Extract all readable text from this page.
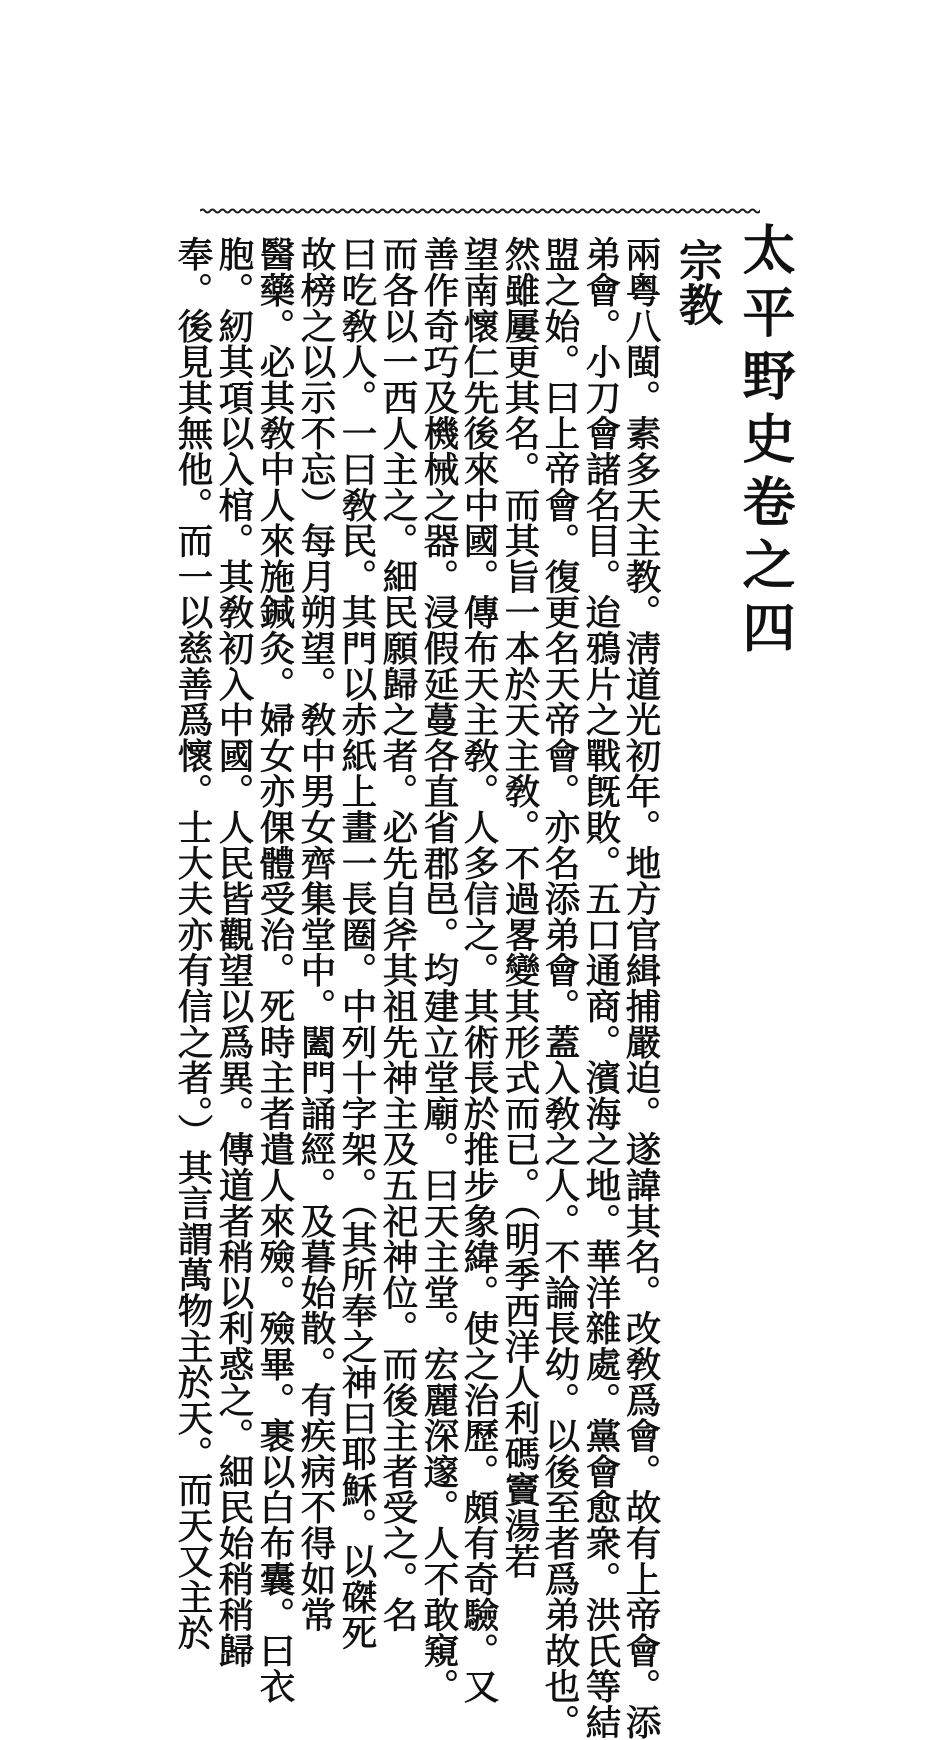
太平野史卷之四
宗教
兩粤八閩。素多天主教。淸道光初年。地方官緝捕嚴迫。遂諱其名。改敎爲會。故有上帝會。添
弟會。小刀會諸名目。迨鴉片之戰旣敗。五口通商。濱海之地。華洋雜處。黨會愈衆。洪氏等結
盟之始。曰上帝會。復更名天帝會。亦名添弟會。蓋入敎之人。不論長幼。以後至者爲弟故也。
然雖屢更其名。而其旨一本於天主敎。不過畧變其形式而已。（明季西洋人利碼竇湯若
望南懷仁先後來中國。傳布天主敎。人多信之。其術長於推步象緯。使之治歷。頗有奇驗。又
善作奇巧及機械之器。浸假延蔓各直省郡邑。均建立堂廟。曰天主堂。宏麗深邃。人不敢窺。
而各以一西人主之。細民願歸之者。必先自斧其祖先神主及五祀神位。而後主者受之。名
曰吃敎人。一曰敎民。其門以赤紙上畫一長圈。中列十字架。（其所奉之神曰耶穌。以磔死
故榜之以示不忘）每月朔望。敎中男女齊集堂中。闔門誦經。及暮始散。有疾病不得如常
醫藥。必其敎中人來施鍼灸。婦女亦倮體受治。死時主者遣人來殮。殮畢。裹以白布囊。曰衣
胞。紉其項以入棺。其敎初入中國。人民皆觀望以爲異。傳道者稍以利惑之。細民始稍稍歸
奉。後見其無他。而一以慈善爲懷。士大夫亦有信之者。）其言謂萬物主於天。而天又主於
